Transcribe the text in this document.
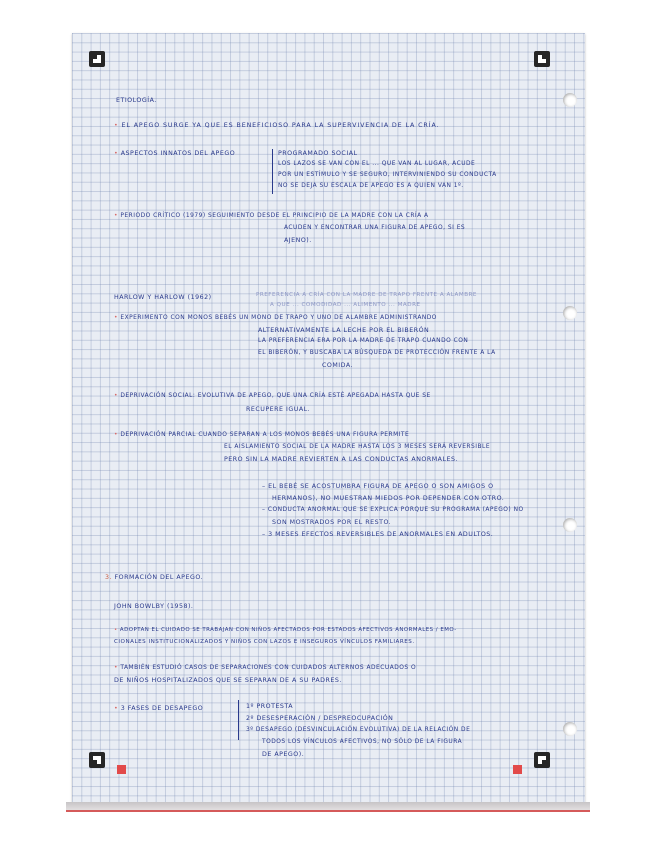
ETIOLOGÍA.

• EL APEGO SURGE YA QUE ES BENEFICIOSO PARA LA SUPERVIVENCIA DE LA CRÍA.

• ASPECTOS INNATOS DEL APEGO	PROGRAMADO SOCIAL

LOS LAZOS SE VAN CON EL ... QUE VAN AL LUGAR, ACUDE

POR UN ESTÍMULO Y SE SEGURO, INTERVINIENDO SU CONDUCTA

NO SE DEJA SU ESCALA DE APEGO ES A QUIEN VAN 1º.

• PERIODO CRÍTICO (1979) SEGUIMIENTO DESDE EL PRINCIPIO DE LA MADRE CON LA CRÍA A

ACUDEN Y ENCONTRAR UNA FIGURA DE APEGO, SI ES

AJENO).

HARLOW Y HARLOW (1962)	PREFERENCIA A CRÍA CON LA MADRE DE TRAPO FRENTE A ALAMBRE

A QUE ... COMODIDAD ... ALIMENTO ... MADRE

• EXPERIMENTO CON MONOS BEBÉS UN MONO DE TRAPO Y UNO DE ALAMBRE ADMINISTRANDO

ALTERNATIVAMENTE LA LECHE POR EL BIBERÓN

LA PREFERENCIA ERA POR LA MADRE DE TRAPO CUANDO CON

EL BIBERÓN, Y BUSCABA LA BÚSQUEDA DE PROTECCIÓN FRENTE A LA

COMIDA.

• DEPRIVACIÓN SOCIAL: EVOLUTIVA DE APEGO, QUE UNA CRÍA ESTÉ APEGADA HASTA QUE SE

RECUPERE IGUAL.

• DEPRIVACIÓN PARCIAL CUANDO SEPARAN A LOS MONOS BEBÉS UNA FIGURA PERMITE

EL AISLAMIENTO SOCIAL DE LA MADRE HASTA LOS 3 MESES SERÁ REVERSIBLE

PERO SIN LA MADRE REVIERTEN A LAS CONDUCTAS ANORMALES.

– EL BEBÉ SE ACOSTUMBRA FIGURA DE APEGO O SON AMIGOS O

HERMANOS), NO MUESTRAN MIEDOS POR DEPENDER CON OTRO.

– CONDUCTA ANORMAL QUE SE EXPLICA PORQUE SU PROGRAMA (APEGO) NO

SON MOSTRADOS POR EL RESTO.

– 3 MESES EFECTOS REVERSIBLES DE ANORMALES EN ADULTOS.

3. FORMACIÓN DEL APEGO.

JOHN BOWLBY (1958).

• ADOPTAN EL CUIDADO SE TRABAJAN CON NIÑOS AFECTADOS POR ESTADOS AFECTIVOS ANORMALES / EMO-

CIONALES INSTITUCIONALIZADOS Y NIÑOS CON LAZOS E INSEGUROS VÍNCULOS FAMILIARES.

• TAMBIÉN ESTUDIÓ CASOS DE SEPARACIONES CON CUIDADOS ALTERNOS ADECUADOS O

DE NIÑOS HOSPITALIZADOS QUE SE SEPARAN DE A SU PADRES.

• 3 FASES DE DESAPEGO	1º PROTESTA

2º DESESPERACIÓN / DESPREOCUPACIÓN

3º DESAPEGO (DESVINCULACIÓN EVOLUTIVA) DE LA RELACIÓN DE

TODOS LOS VÍNCULOS AFECTIVOS, NO SÓLO DE LA FIGURA

DE APEGO).
